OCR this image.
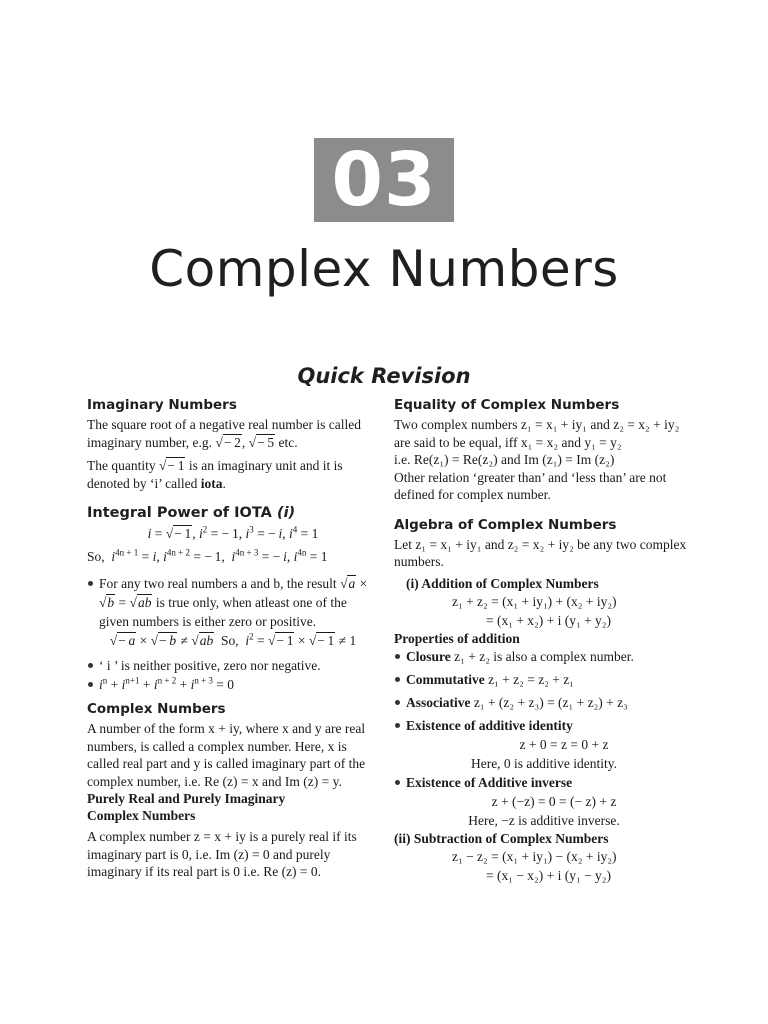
03
Complex Numbers
Quick Revision
Imaginary Numbers

The square root of a negative real number is called imaginary number, e.g. √− 2, √− 5 etc.

The quantity √− 1 is an imaginary unit and it is denoted by ‘i’ called iota.

Integral Power of IOTA (i)
i = √− 1, $i^2$ = − 1, $i^3$ = − i, $i^4 = 1$

So,  $i^{4n + 1} = i$, $i^{4n + 2}$ = − 1,  $i^{4n + 3}$ = − i, $i^{4n} = 1$

For any two real numbers a and b, the result √a × √b = √ab is true only, when atleast one of the given numbers is either zero or positive.
√− a × √− b ≠ √ab  So,  $i^2$ = √− 1 × √− 1 ≠ 1
‘ i ’ is neither positive, zero nor negative.
$i^n + i^{n+1} + i^{n + 2} + i^{n + 3} = 0$
Complex Numbers

A number of the form x + iy, where x and y are real numbers, is called a complex number. Here, x is called real part and y is called imaginary part of the complex number, i.e. Re (z) = x and Im (z) = y.

Purely Real and Purely Imaginary
Complex Numbers

A complex number z = x + iy is a purely real if its imaginary part is 0, i.e. Im (z) = 0 and purely imaginary if its real part is 0 i.e. Re (z) = 0.

Equality of Complex Numbers

Two complex numbers z₁ = x₁ + iy₁ and z₂ = x₂ + iy₂ are said to be equal, iff x₁ = x₂ and y₁ = y₂

i.e. Re(z₁) = Re(z₂) and Im (z₁) = Im (z₂)

Other relation ‘greater than’ and ‘less than’ are not defined for complex number.

Algebra of Complex Numbers

Let z₁ = x₁ + iy₁ and z₂ = x₂ + iy₂ be any two complex numbers.

(i) Addition of Complex Numbers
z₁ + z₂ = (x₁ + iy₁) + (x₂ + iy₂)
= (x₁ + x₂) + i (y₁ + y₂)
Properties of addition
Closure z₁ + z₂ is also a complex number.
Commutative z₁ + z₂ = z₂ + z₁
Associative z₁ + (z₂ + z₃) = (z₁ + z₂) + z₃
Existence of additive identity
z + 0 = z = 0 + z
Here, 0 is additive identity.
Existence of Additive inverse
z + (−z) = 0 = (− z) + z
Here, −z is additive inverse.
(ii) Subtraction of Complex Numbers
z₁ − z₂ = (x₁ + iy₁) − (x₂ + iy₂)
= (x₁ − x₂) + i (y₁ − y₂)
